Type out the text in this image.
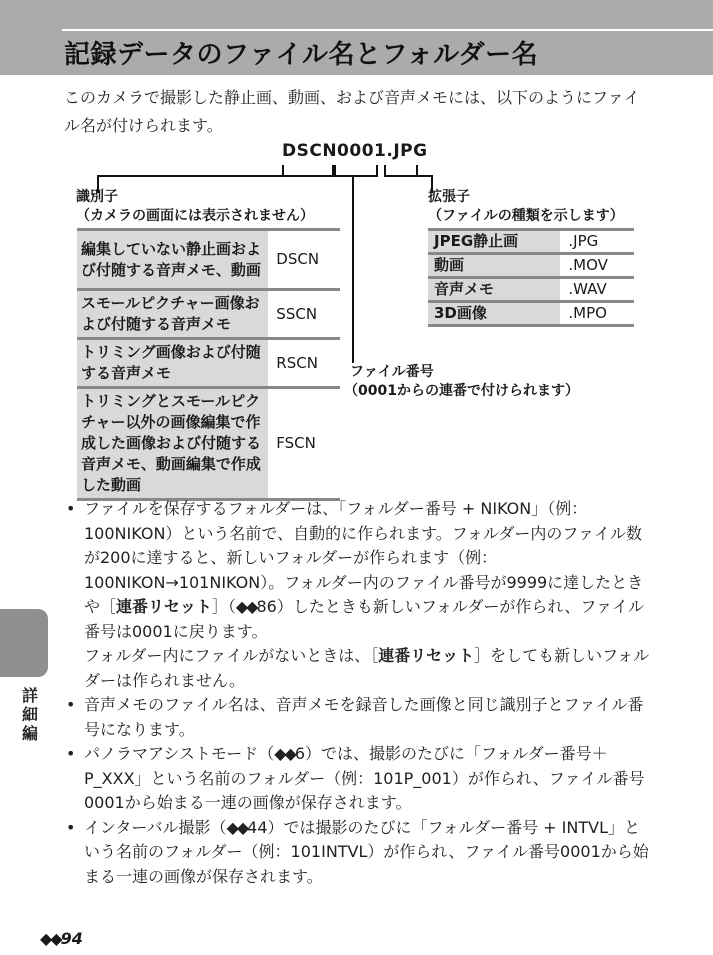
記録データのファイル名とフォルダー名
このカメラで撮影した静止画、動画、および音声メモには、以下のようにファイル名が付けられます。
DSCN0001.JPG
識別子
（カメラの画面には表示されません）
ファイル番号
（0001からの連番で付けられます）
拡張子
（ファイルの種類を示します）
編集していない静止画および付随する音声メモ、動画	DSCN
スモールピクチャー画像および付随する音声メモ	SSCN
トリミング画像および付随する音声メモ	RSCN
トリミングとスモールピクチャー以外の画像編集で作成した画像および付随する音声メモ、動画編集で作成した動画	FSCN
JPEG静止画	.JPG
動画	.MOV
音声メモ	.WAV
3D画像	.MPO
• ファイルを保存するフォルダーは、「フォルダー番号 + NIKON」（例：100NIKON）という名前で、自動的に作られます。フォルダー内のファイル数が200に達すると、新しいフォルダーが作られます（例：100NIKON→101NIKON）。フォルダー内のファイル番号が9999に達したときや［連番リセット］（◆◆86）したときも新しいフォルダーが作られ、ファイル番号は0001に戻ります。
フォルダー内にファイルがないときは、［連番リセット］をしても新しいフォルダーは作られません。
• 音声メモのファイル名は、音声メモを録音した画像と同じ識別子とファイル番号になります。
• パノラマアシストモード（◆◆6）では、撮影のたびに「フォルダー番号＋P_XXX」という名前のフォルダー（例：101P_001）が作られ、ファイル番号0001から始まる一連の画像が保存されます。
• インターバル撮影（◆◆44）では撮影のたびに「フォルダー番号 + INTVL」という名前のフォルダー（例：101INTVL）が作られ、ファイル番号0001から始まる一連の画像が保存されます。
詳細編
◆◆94
